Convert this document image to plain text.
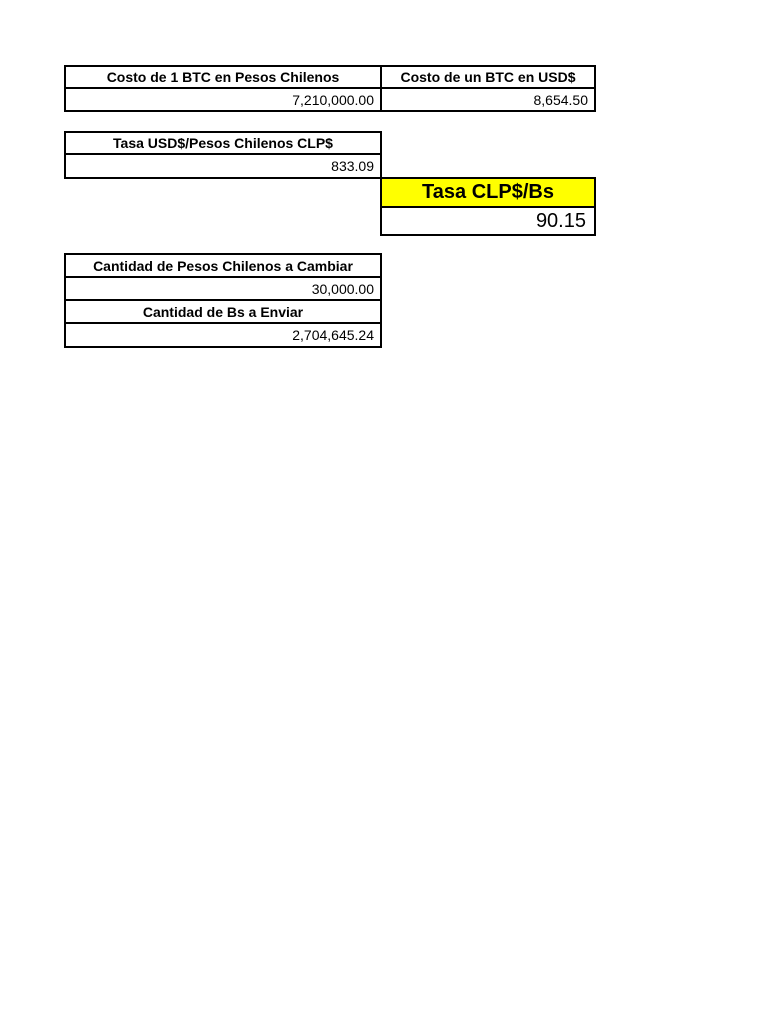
Costo de 1 BTC en Pesos Chilenos	Costo de un BTC en USD$
7,210,000.00	8,654.50
Tasa USD$/Pesos Chilenos CLP$
833.09
Tasa CLP$/Bs
90.15
Cantidad de Pesos Chilenos a Cambiar
30,000.00
Cantidad de Bs a Enviar
2,704,645.24
